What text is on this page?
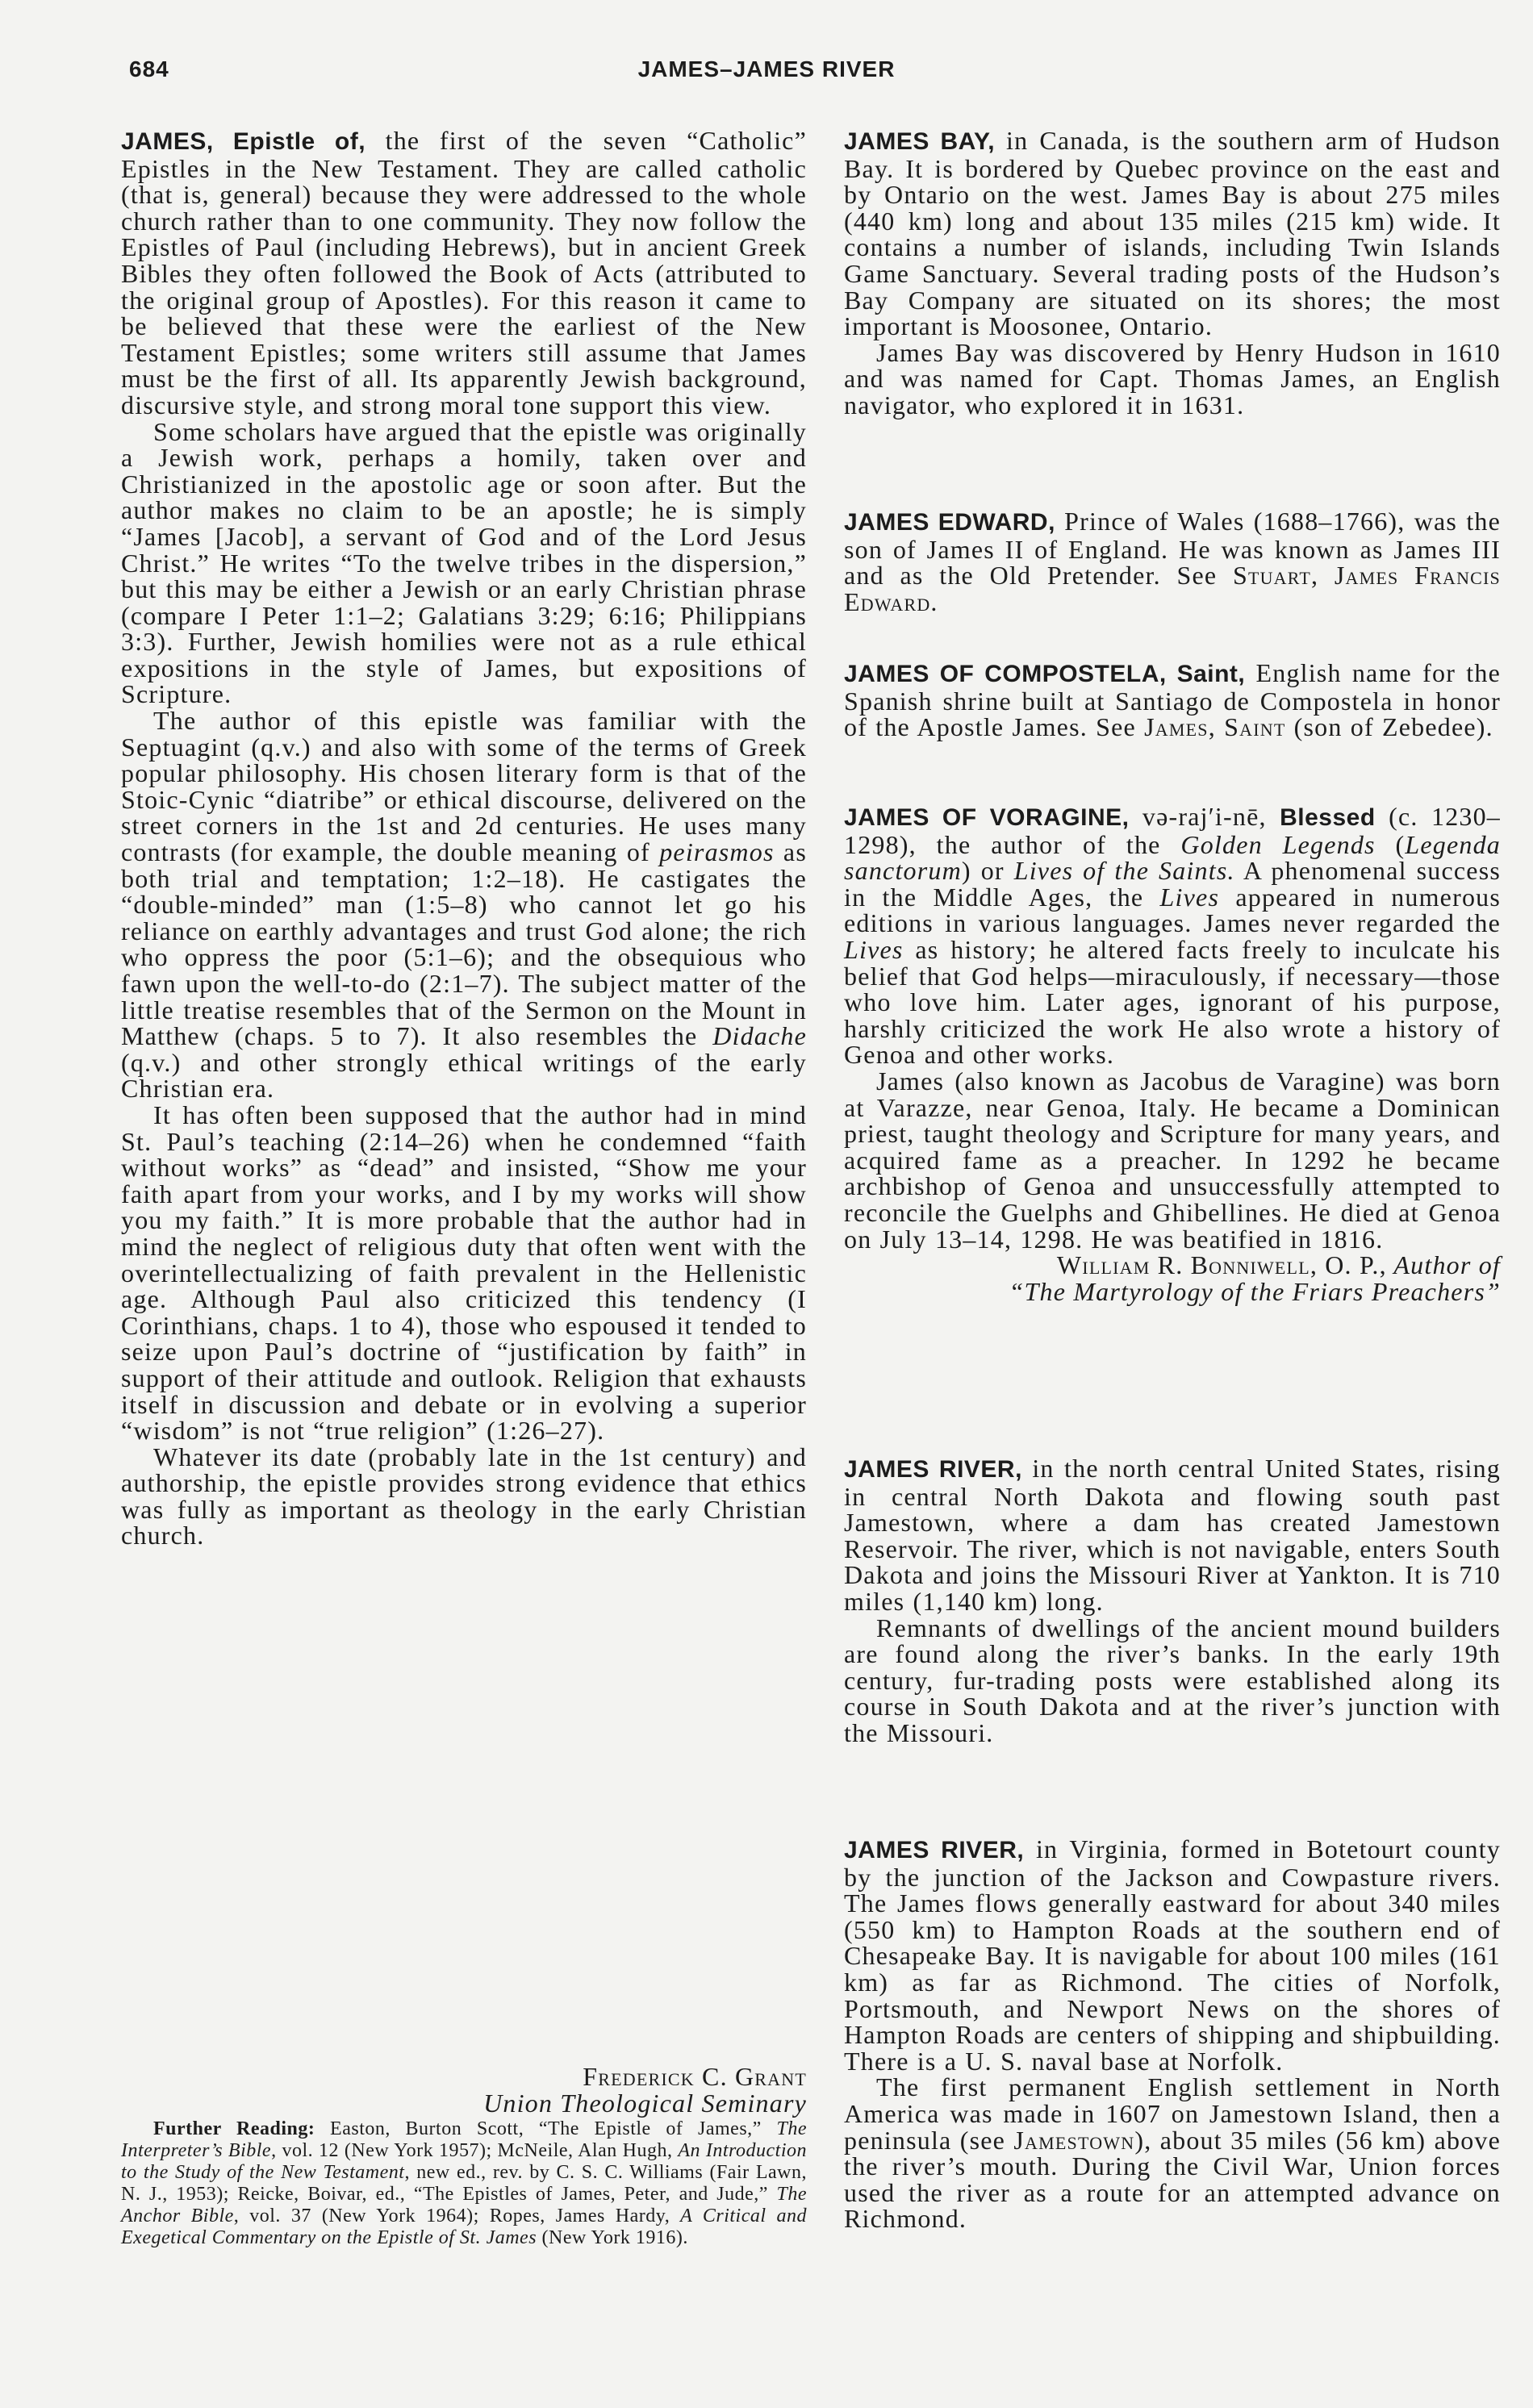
684	JAMES–JAMES RIVER

JAMES, Epistle of, the first of the seven “Catholic” Epistles in the New Testament. They are called catholic (that is, general) because they were addressed to the whole church rather than to one community. They now follow the Epistles of Paul (including Hebrews), but in ancient Greek Bibles they often followed the Book of Acts (attributed to the original group of Apostles). For this reason it came to be believed that these were the earliest of the New Testament Epistles; some writers still assume that James must be the first of all. Its apparently Jewish background, discursive style, and strong moral tone support this view.

Some scholars have argued that the epistle was originally a Jewish work, perhaps a homily, taken over and Christianized in the apostolic age or soon after. But the author makes no claim to be an apostle; he is simply “James [Jacob], a servant of God and of the Lord Jesus Christ.” He writes “To the twelve tribes in the dispersion,” but this may be either a Jewish or an early Christian phrase (compare I Peter 1:1–2; Galatians 3:29; 6:16; Philippians 3:3). Further, Jewish homilies were not as a rule ethical expositions in the style of James, but expositions of Scripture.

The author of this epistle was familiar with the Septuagint (q.v.) and also with some of the terms of Greek popular philosophy. His chosen literary form is that of the Stoic-Cynic “diatribe” or ethical discourse, delivered on the street corners in the 1st and 2d centuries. He uses many contrasts (for example, the double meaning of peirasmos as both trial and temptation; 1:2–18). He castigates the “double-minded” man (1:5–8) who cannot let go his reliance on earthly advantages and trust God alone; the rich who oppress the poor (5:1–6); and the obsequious who fawn upon the well-to-do (2:1–7). The subject matter of the little treatise resembles that of the Sermon on the Mount in Matthew (chaps. 5 to 7). It also resembles the Didache (q.v.) and other strongly ethical writings of the early Christian era.

It has often been supposed that the author had in mind St. Paul’s teaching (2:14–26) when he condemned “faith without works” as “dead” and insisted, “Show me your faith apart from your works, and I by my works will show you my faith.” It is more probable that the author had in mind the neglect of religious duty that often went with the overintellectualizing of faith prevalent in the Hellenistic age. Although Paul also criticized this tendency (I Corinthians, chaps. 1 to 4), those who espoused it tended to seize upon Paul’s doctrine of “justification by faith” in support of their attitude and outlook. Religion that exhausts itself in discussion and debate or in evolving a superior “wisdom” is not “true religion” (1:26–27).

Whatever its date (probably late in the 1st century) and authorship, the epistle provides strong evidence that ethics was fully as important as theology in the early Christian church.

Frederick C. Grant

Union Theological Seminary

Further Reading: Easton, Burton Scott, “The Epistle of James,” The Interpreter’s Bible, vol. 12 (New York 1957); McNeile, Alan Hugh, An Introduction to the Study of the New Testament, new ed., rev. by C. S. C. Williams (Fair Lawn, N. J., 1953); Reicke, Boivar, ed., “The Epistles of James, Peter, and Jude,” The Anchor Bible, vol. 37 (New York 1964); Ropes, James Hardy, A Critical and Exegetical Commentary on the Epistle of St. James (New York 1916).

JAMES BAY, in Canada, is the southern arm of Hudson Bay. It is bordered by Quebec province on the east and by Ontario on the west. James Bay is about 275 miles (440 km) long and about 135 miles (215 km) wide. It contains a number of islands, including Twin Islands Game Sanctuary. Several trading posts of the Hudson’s Bay Company are situated on its shores; the most important is Moosonee, Ontario.

James Bay was discovered by Henry Hudson in 1610 and was named for Capt. Thomas James, an English navigator, who explored it in 1631.

JAMES EDWARD, Prince of Wales (1688–1766), was the son of James II of England. He was known as James III and as the Old Pretender. See Stuart, James Francis Edward.

JAMES OF COMPOSTELA, Saint, English name for the Spanish shrine built at Santiago de Compostela in honor of the Apostle James. See James, Saint (son of Zebedee).

JAMES OF VORAGINE, və-raj′i-nē, Blessed (c. 1230–1298), the author of the Golden Legends (Legenda sanctorum) or Lives of the Saints. A phenomenal success in the Middle Ages, the Lives appeared in numerous editions in various languages. James never regarded the Lives as history; he altered facts freely to inculcate his belief that God helps—miraculously, if necessary—those who love him. Later ages, ignorant of his purpose, harshly criticized the work He also wrote a history of Genoa and other works.

James (also known as Jacobus de Varagine) was born at Varazze, near Genoa, Italy. He became a Dominican priest, taught theology and Scripture for many years, and acquired fame as a preacher. In 1292 he became archbishop of Genoa and unsuccessfully attempted to reconcile the Guelphs and Ghibellines. He died at Genoa on July 13–14, 1298. He was beatified in 1816.

William R. Bonniwell, O. P., Author of

“The Martyrology of the Friars Preachers”

JAMES RIVER, in the north central United States, rising in central North Dakota and flowing south past Jamestown, where a dam has created Jamestown Reservoir. The river, which is not navigable, enters South Dakota and joins the Missouri River at Yankton. It is 710 miles (1,140 km) long.

Remnants of dwellings of the ancient mound builders are found along the river’s banks. In the early 19th century, fur-trading posts were established along its course in South Dakota and at the river’s junction with the Missouri.

JAMES RIVER, in Virginia, formed in Botetourt county by the junction of the Jackson and Cowpasture rivers. The James flows generally eastward for about 340 miles (550 km) to Hampton Roads at the southern end of Chesapeake Bay. It is navigable for about 100 miles (161 km) as far as Richmond. The cities of Norfolk, Portsmouth, and Newport News on the shores of Hampton Roads are centers of shipping and shipbuilding. There is a U. S. naval base at Norfolk.

The first permanent English settlement in North America was made in 1607 on Jamestown Island, then a peninsula (see Jamestown), about 35 miles (56 km) above the river’s mouth. During the Civil War, Union forces used the river as a route for an attempted advance on Richmond.
